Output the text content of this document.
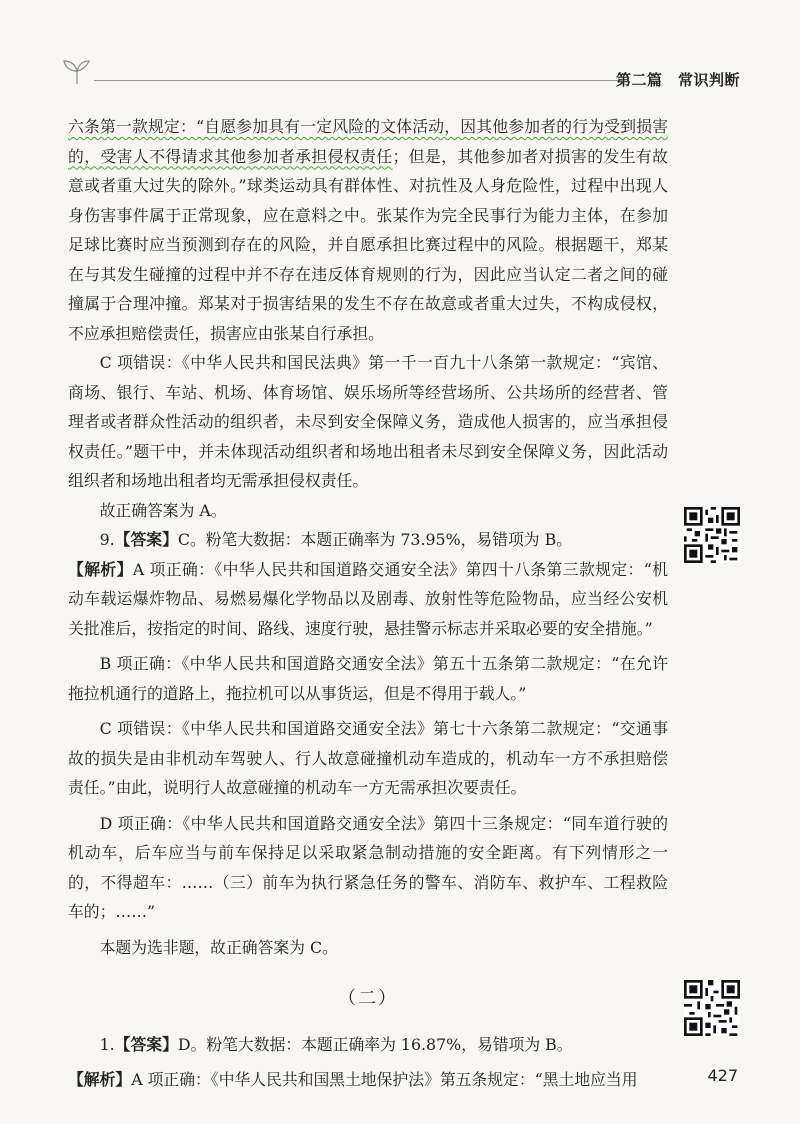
第二篇　常识判断

六条第一款规定：“自愿参加具有一定风险的文体活动，因其他参加者的行为受到损害的，受害人不得请求其他参加者承担侵权责任；但是，其他参加者对损害的发生有故意或者重大过失的除外。”球类运动具有群体性、对抗性及人身危险性，过程中出现人身伤害事件属于正常现象，应在意料之中。张某作为完全民事行为能力主体，在参加足球比赛时应当预测到存在的风险，并自愿承担比赛过程中的风险。根据题干，郑某在与其发生碰撞的过程中并不存在违反体育规则的行为，因此应当认定二者之间的碰撞属于合理冲撞。郑某对于损害结果的发生不存在故意或者重大过失，不构成侵权，不应承担赔偿责任，损害应由张某自行承担。

C 项错误：《中华人民共和国民法典》第一千一百九十八条第一款规定：“宾馆、商场、银行、车站、机场、体育场馆、娱乐场所等经营场所、公共场所的经营者、管理者或者群众性活动的组织者，未尽到安全保障义务，造成他人损害的，应当承担侵权责任。”题干中，并未体现活动组织者和场地出租者未尽到安全保障义务，因此活动组织者和场地出租者均无需承担侵权责任。

故正确答案为 A。

9.【答案】C。粉笔大数据：本题正确率为 73.95%，易错项为 B。

【解析】A 项正确：《中华人民共和国道路交通安全法》第四十八条第三款规定：“机动车载运爆炸物品、易燃易爆化学物品以及剧毒、放射性等危险物品，应当经公安机关批准后，按指定的时间、路线、速度行驶，悬挂警示标志并采取必要的安全措施。”

B 项正确：《中华人民共和国道路交通安全法》第五十五条第二款规定：“在允许拖拉机通行的道路上，拖拉机可以从事货运，但是不得用于载人。”

C 项错误：《中华人民共和国道路交通安全法》第七十六条第二款规定：“交通事故的损失是由非机动车驾驶人、行人故意碰撞机动车造成的，机动车一方不承担赔偿责任。”由此，说明行人故意碰撞的机动车一方无需承担次要责任。

D 项正确：《中华人民共和国道路交通安全法》第四十三条规定：“同车道行驶的机动车，后车应当与前车保持足以采取紧急制动措施的安全距离。有下列情形之一的，不得超车：……（三）前车为执行紧急任务的警车、消防车、救护车、工程救险车的；……”

本题为选非题，故正确答案为 C。

（二）

1.【答案】D。粉笔大数据：本题正确率为 16.87%，易错项为 B。

【解析】A 项正确：《中华人民共和国黑土地保护法》第五条规定：“黑土地应当用	427
